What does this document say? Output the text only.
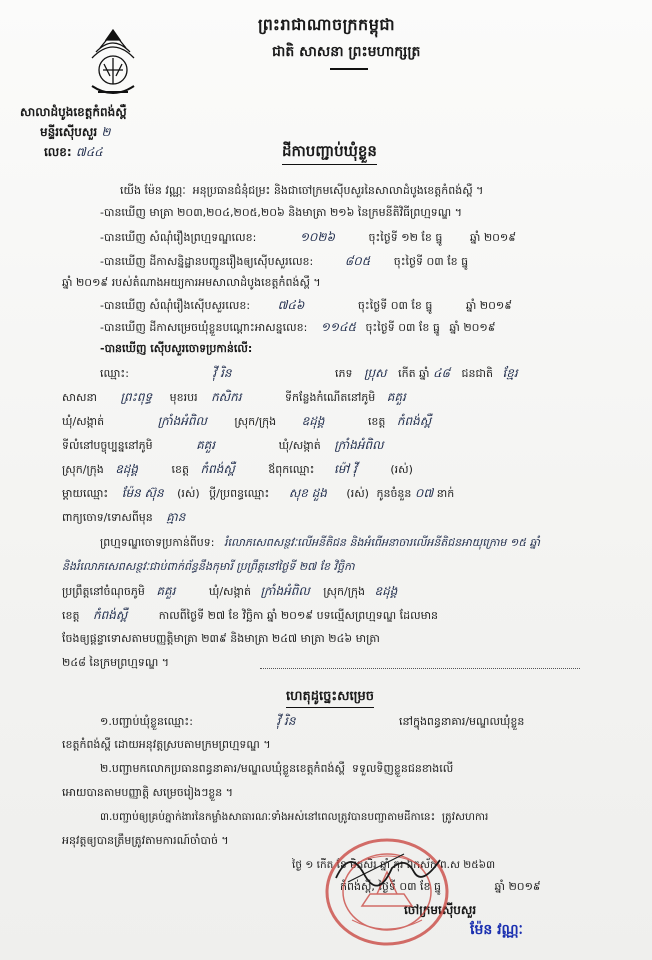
ព្រះរាជាណាចក្រកម្ពុជា
ជាតិ សាសនា ព្រះមហាក្សត្រ
សាលាដំបូងខេត្តកំពង់ស្ពឺ
មន្ទីរស៊ើបសួរ ២
លេខ: ៧៤៤	ដីកាបញ្ជាប់ឃុំខ្លួន
យើង ម៉ែន វណ្ណៈ ​ អនុប្រធានជំនុំជម្រះ និងជាចៅក្រមស៊ើបសួរនៃសាលាដំបូងខេត្តកំពង់ស្ពឺ ។
-បានឃើញ មាត្រា ២០៣,២០៤,២០៥,២០៦ និងមាត្រា ២១៦ នៃក្រមនីតិវិធីព្រហ្មទណ្ឌ ។
-បានឃើញ សំណុំរឿងព្រហ្មទណ្ឌលេខ:	១០២៦	ចុះថ្ងៃទី ១២ ខែ ធ្នូ	ឆ្នាំ ២០១៩
-បានឃើញ ដីកាសន្និដ្ឋានបញ្ជូនរឿងឲ្យស៊ើបសួរលេខ:	៨០៥ ចុះថ្ងៃទី ០៣ ខែ ធ្នូ
ឆ្នាំ ២០១៩ របស់តំណាងអយ្យការអមសាលាដំបូងខេត្តកំពង់ស្ពឺ ។
-បានឃើញ សំណុំរឿងស៊ើបសួរលេខ: ៧៤៦	ចុះថ្ងៃទី ០៣ ខែ ធ្នូ	ឆ្នាំ ២០១៩
-បានឃើញ ដីកាសម្រេចឃុំខ្លួនបណ្តោះអាសន្នលេខ: ១១៤៥ ចុះថ្ងៃទី ០៣ ខែ ធ្នូ ឆ្នាំ ២០១៩
-បានឃើញ ស៊ើបសួរចោទប្រកាន់លើ:
ឈ្មោះ:	វ៉ី រិន	ភេទ ប្រុស កើត ឆ្នាំ ៤៨ ជនជាតិ ខ្មែរ
សាសនា ព្រះពុទ្ធ មុខរបរ កសិករ	ទីកន្លែងកំណើតនៅភូមិ គគួរ
ឃុំ/សង្កាត់	ក្រាំងអំពិល	ស្រុក/ក្រុង ឧដុង្គ	ខេត្ត កំពង់ស្ពឺ
ទីលំនៅបច្ចុប្បន្ននៅភូមិ	គគួរ	ឃុំ/សង្កាត់ ក្រាំងអំពិល
ស្រុក/ក្រុង ឧដុង្គ	ខេត្ត កំពង់ស្ពឺ	ឪពុកឈ្មោះ ម៉ៅ វ៉ី	(រស់)
ម្តាយឈ្មោះ ម៉ែន ស៊ុន (រស់) ប្តី/ប្រពន្ធឈ្មោះ សុខ ដួង (រស់) កូនចំនួន ០៧ នាក់
ពាក្យចោទ/ទោសពីមុន គ្មាន
ព្រហ្មទណ្ឌចោទប្រកាន់ពីបទ: រំលោភសេពសន្ថវៈលើអនីតិជន និងអំពើអនាចារលើអនីតិជនអាយុក្រោម ១៥ ឆ្នាំ
និងរំលោភសេពសន្ថវៈជាប់ពាក់ព័ន្ធនឹងកុមារី ប្រព្រឹត្តនៅថ្ងៃទី ២៧ ខែ វិច្ឆិកា
ប្រព្រឹត្តនៅចំណុចភូមិ គគួរ	ឃុំ/សង្កាត់ ក្រាំងអំពិល ស្រុក/ក្រុង ឧដុង្គ
ខេត្ត កំពង់ស្ពឺ	កាលពីថ្ងៃទី ២៧ ខែ វិច្ឆិកា ឆ្នាំ ២០១៩ បទល្មើសព្រហ្មទណ្ឌ ដែលមាន
ចែងឲ្យផ្តន្ទាទោសតាមបញ្ញត្តិមាត្រា ២៣៩ និងមាត្រា ២៤៧ មាត្រា ២៤៦ មាត្រា
២៤៨ នៃក្រមព្រហ្មទណ្ឌ ។
ហេតុដូច្នេះសម្រេច
១.បញ្ជាប់ឃុំខ្លួនឈ្មោះ:	វ៉ី រិន	នៅក្នុងពន្ធនាគារ/មណ្ឌលឃុំខ្លួន
ខេត្តកំពង់ស្ពឺ ដោយអនុវត្តស្របតាមក្រមព្រហ្មទណ្ឌ ។
២.បញ្ជាមកលោកប្រធានពន្ធនាគារ/មណ្ឌលឃុំខ្លួនខេត្តកំពង់ស្ពឺ ​ ទទួលទិញខ្លួនជនខាងលើ
អោយបានតាមបញ្ញាត្តិ សម្រេចរៀងៗខ្លួន ។
៣.បញ្ជាប់ឲ្យគ្រប់ភ្នាក់ងារនៃកម្លាំងសាធារណៈទាំងអស់នៅពេលត្រូវបានបញ្ជាតាមដីកានេះ ​ ត្រូវសហការ
អនុវត្តឲ្យបានត្រឹមត្រូវតាមការណ៍ចាំបាច់ ។
ថ្ងៃ ១ កើត ខែ មិគសិរ ឆ្នាំ កុរ ឯកស័ក ព.ស ២៥៦៣
កំពង់ស្ពឺ, ថ្ងៃទី ០៣ ខែ ធ្នូ	ឆ្នាំ ២០១៩
ចៅក្រមស៊ើបសួរ
ម៉ែន វណ្ណៈ
